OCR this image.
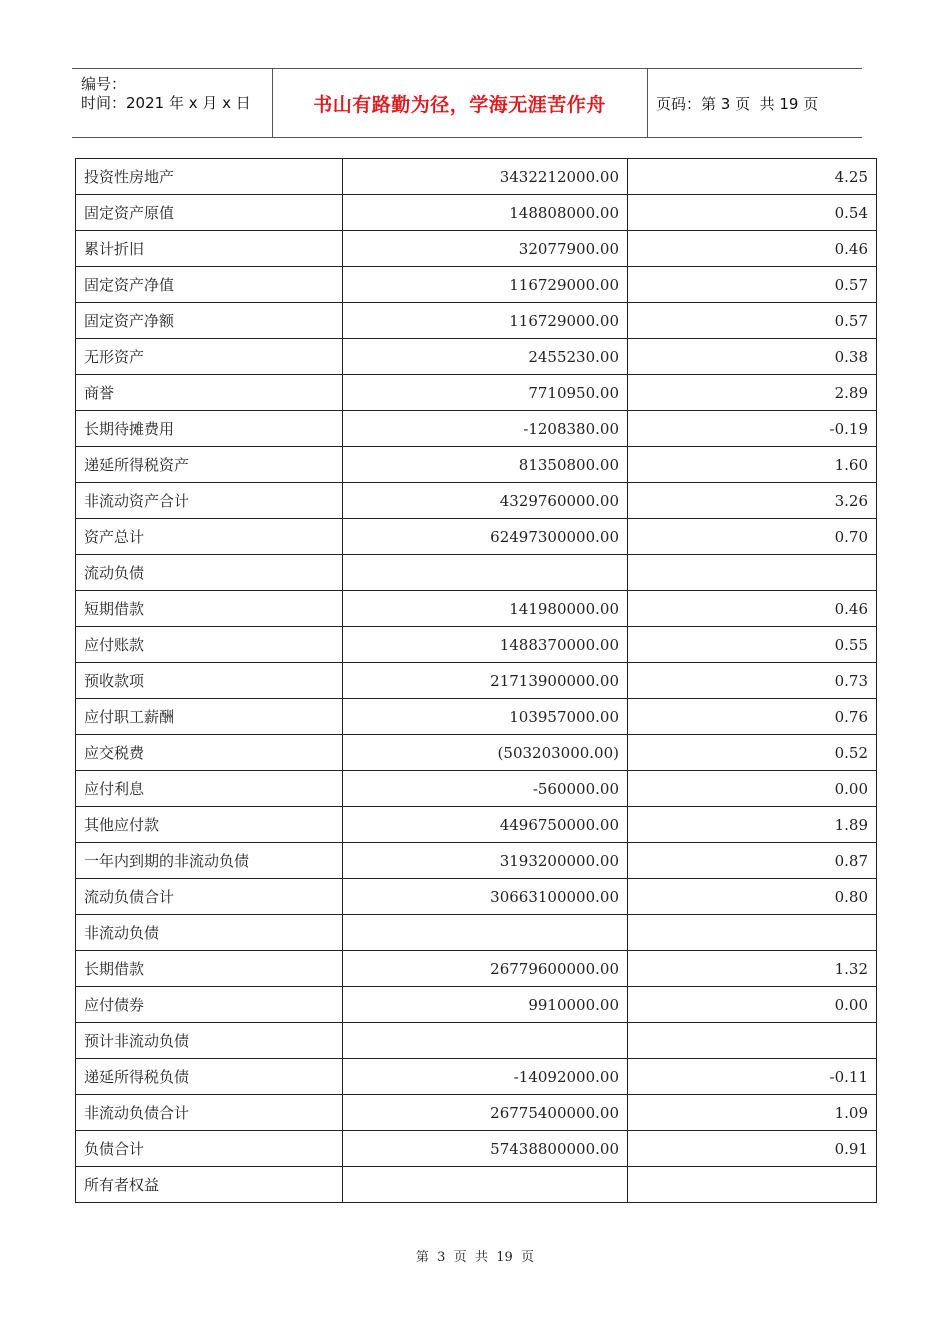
编号：
时间：2021 年 x 月 x 日	书山有路勤为径，学海无涯苦作舟	页码：第 3 页  共 19 页
投资性房地产	3432212000.00	4.25
固定资产原值	148808000.00	0.54
累计折旧	32077900.00	0.46
固定资产净值	116729000.00	0.57
固定资产净额	116729000.00	0.57
无形资产	2455230.00	0.38
商誉	7710950.00	2.89
长期待摊费用	-1208380.00	-0.19
递延所得税资产	81350800.00	1.60
非流动资产合计	4329760000.00	3.26
资产总计	62497300000.00	0.70
流动负债		
短期借款	141980000.00	0.46
应付账款	1488370000.00	0.55
预收款项	21713900000.00	0.73
应付职工薪酬	103957000.00	0.76
应交税费	(503203000.00)	0.52
应付利息	-560000.00	0.00
其他应付款	4496750000.00	1.89
一年内到期的非流动负债	3193200000.00	0.87
流动负债合计	30663100000.00	0.80
非流动负债		
长期借款	26779600000.00	1.32
应付债券	9910000.00	0.00
预计非流动负债		
递延所得税负债	-14092000.00	-0.11
非流动负债合计	26775400000.00	1.09
负债合计	57438800000.00	0.91
所有者权益		
第  3  页  共  19  页
